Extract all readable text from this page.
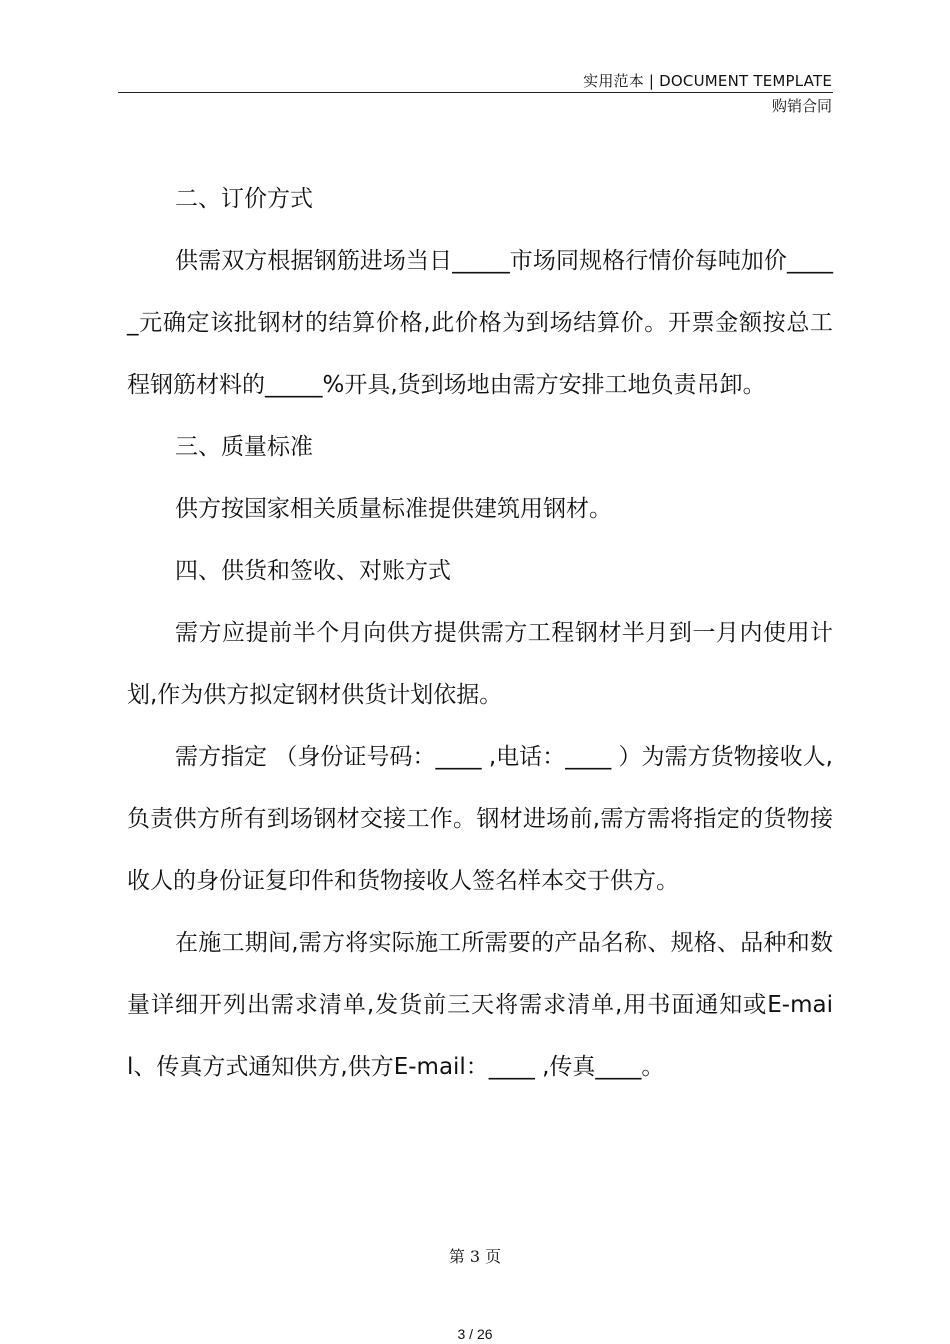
实用范本 | DOCUMENT TEMPLATE
购销合同

二、订价方式

供需双方根据钢筋进场当日_____市场同规格行情价每吨加价_____元确定该批钢材的结算价格,此价格为到场结算价。开票金额按总工程钢筋材料的_____%开具,货到场地由需方安排工地负责吊卸。

三、质量标准

供方按国家相关质量标准提供建筑用钢材。

四、供货和签收、对账方式

需方应提前半个月向供方提供需方工程钢材半月到一月内使用计划,作为供方拟定钢材供货计划依据。

需方指定 （身份证号码：____ ,电话：____ ）为需方货物接收人,负责供方所有到场钢材交接工作。钢材进场前,需方需将指定的货物接收人的身份证复印件和货物接收人签名样本交于供方。

在施工期间,需方将实际施工所需要的产品名称、规格、品种和数量详细开列出需求清单,发货前三天将需求清单,用书面通知或E-mail、传真方式通知供方,供方E-mail：____ ,传真____。

第 3 页
3 / 26
